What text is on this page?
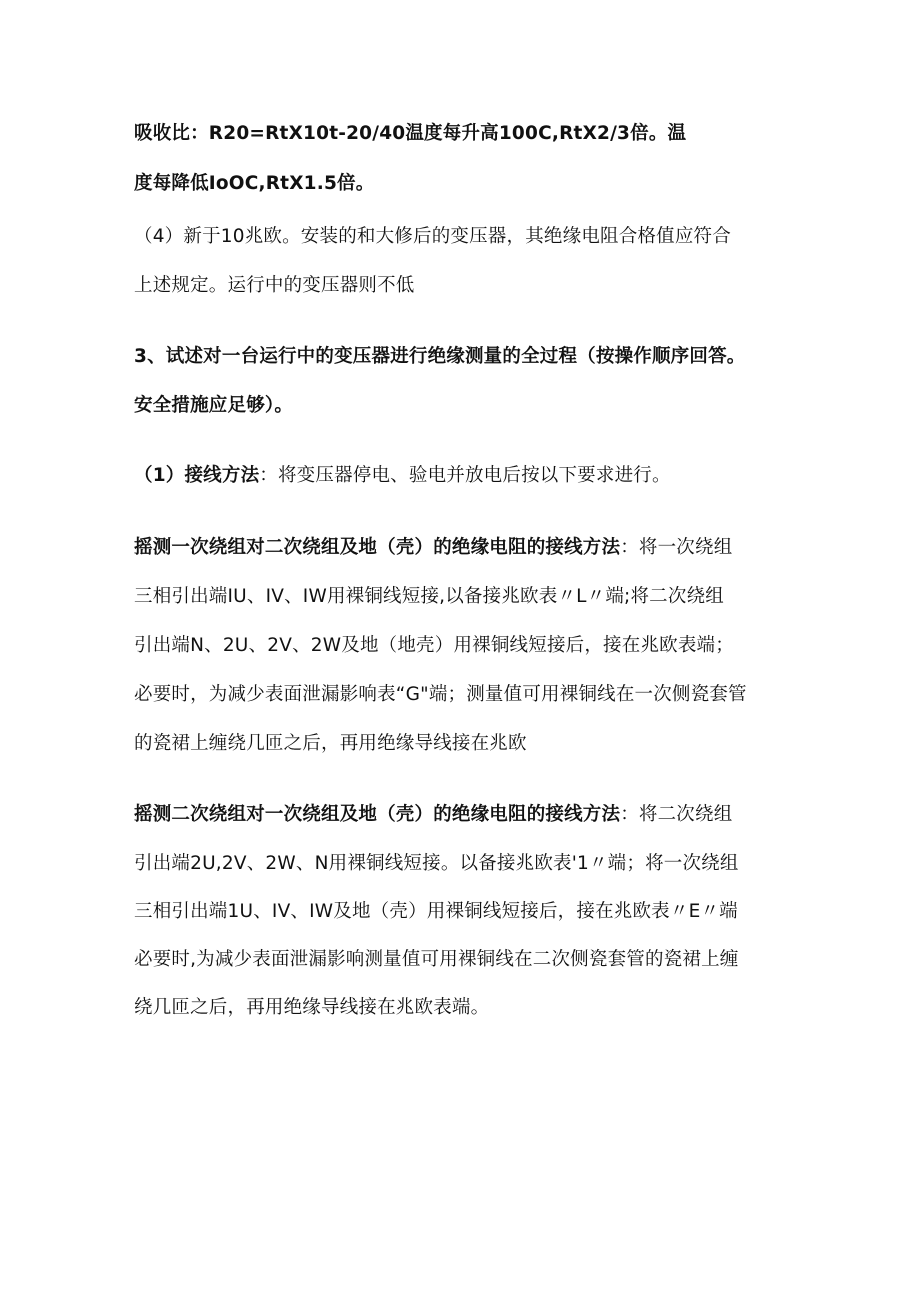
吸收比：R20=RtX10t-20∕40温度每升高100C,RtX2/3倍。温
度每降低IoOC,RtX1.5倍。
（4）新于10兆欧。安装的和大修后的变压器，其绝缘电阻合格值应符合
上述规定。运行中的变压器则不低
3、试述对一台运行中的变压器进行绝缘测量的全过程（按操作顺序回答。
安全措施应足够）。
（1）接线方法：将变压器停电、验电并放电后按以下要求进行。
摇测一次绕组对二次绕组及地（壳）的绝缘电阻的接线方法：将一次绕组
三相引出端IU、IV、IW用裸铜线短接,以备接兆欧表〃L〃端;将二次绕组
引出端N、2U、2V、2W及地（地壳）用裸铜线短接后，接在兆欧表端；
必要时，为减少表面泄漏影响表“G"端；测量值可用裸铜线在一次侧瓷套管
的瓷裙上缠绕几匝之后，再用绝缘导线接在兆欧
摇测二次绕组对一次绕组及地（壳）的绝缘电阻的接线方法：将二次绕组
引出端2U,2V、2W、N用裸铜线短接。以备接兆欧表'1〃端；将一次绕组
三相引出端1U、IV、IW及地（壳）用裸铜线短接后，接在兆欧表〃E〃端
必要时,为减少表面泄漏影响测量值可用裸铜线在二次侧瓷套管的瓷裙上缠
绕几匝之后，再用绝缘导线接在兆欧表端。
